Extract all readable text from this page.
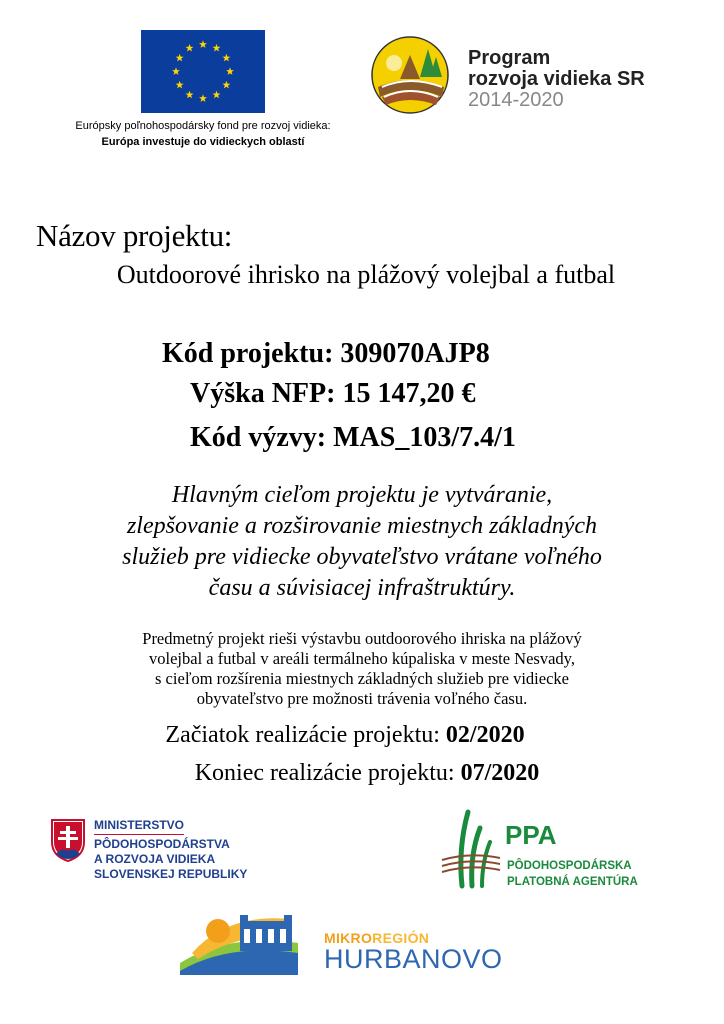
Európsky poľnohospodársky fond pre rozvoj vidieka:
Európa investuje do vidieckych oblastí
Program
rozvoja vidieka SR
2014-2020
Názov projektu:
Outdoorové ihrisko na plážový volejbal a futbal
Kód projektu: 309070AJP8
Výška NFP: 15 147,20 €
Kód výzvy: MAS_103/7.4/1
Hlavným cieľom projektu je vytváranie,
zlepšovanie a rozširovanie miestnych základných
služieb pre vidiecke obyvateľstvo vrátane voľného
času a súvisiacej infraštruktúry.
Predmetný projekt rieši výstavbu outdoorového ihriska na plážový
volejbal a futbal v areáli termálneho kúpaliska v meste Nesvady,
s cieľom rozšírenia miestnych základných služieb pre vidiecke
obyvateľstvo pre možnosti trávenia voľného času.
Začiatok realizácie projektu: 02/2020
Koniec realizácie projektu: 07/2020
MINISTERSTVO
PÔDOHOSPODÁRSTVA
A ROZVOJA VIDIEKA
SLOVENSKEJ REPUBLIKY
PPA
PÔDOHOSPODÁRSKA
PLATOBNÁ AGENTÚRA
MIKROREGIÓN
HURBANOVO
